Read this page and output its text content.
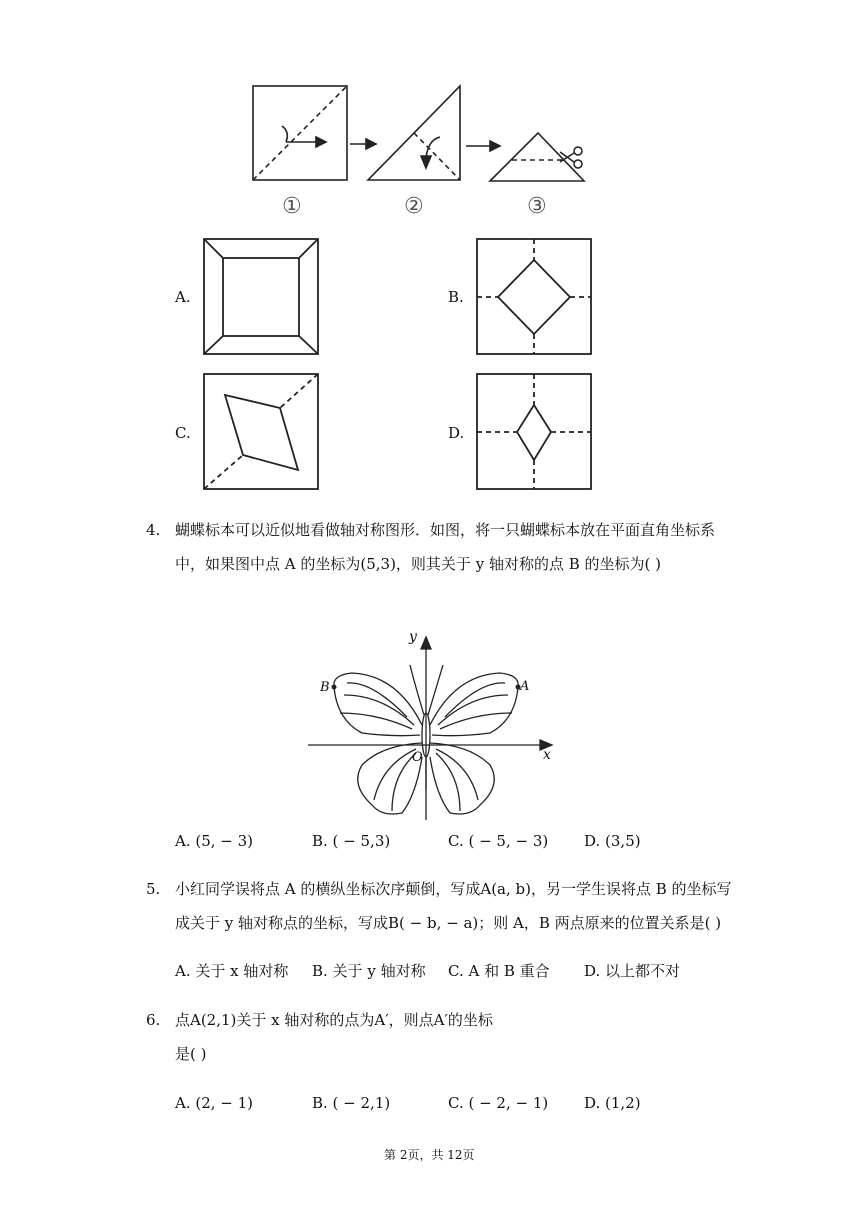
①	②	③
A.	B.
C.	D.
4. 蝴蝶标本可以近似地看做轴对称图形．如图，将一只蝴蝶标本放在平面直角坐标系
中，如果图中点 A 的坐标为(5,3)，则其关于 y 轴对称的点 B 的坐标为( )
y
x
O
A
B
A. (5, − 3)	B. ( − 5,3)	C. ( − 5, − 3) D. (3,5)
5. 小红同学误将点 A 的横纵坐标次序颠倒，写成A(a, b)，另一学生误将点 B 的坐标写
成关于 y 轴对称点的坐标，写成B( − b, − a)；则 A，B 两点原来的位置关系是( )
A. 关于 x 轴对称 B. 关于 y 轴对称 C. A 和 B 重合 D. 以上都不对
6. 点A(2,1)关于 x 轴对称的点为A′，则点A′的坐标
是( )
A. (2, − 1)	B. ( − 2,1)	C. ( − 2, − 1) D. (1,2)
第 2页，共 12页
